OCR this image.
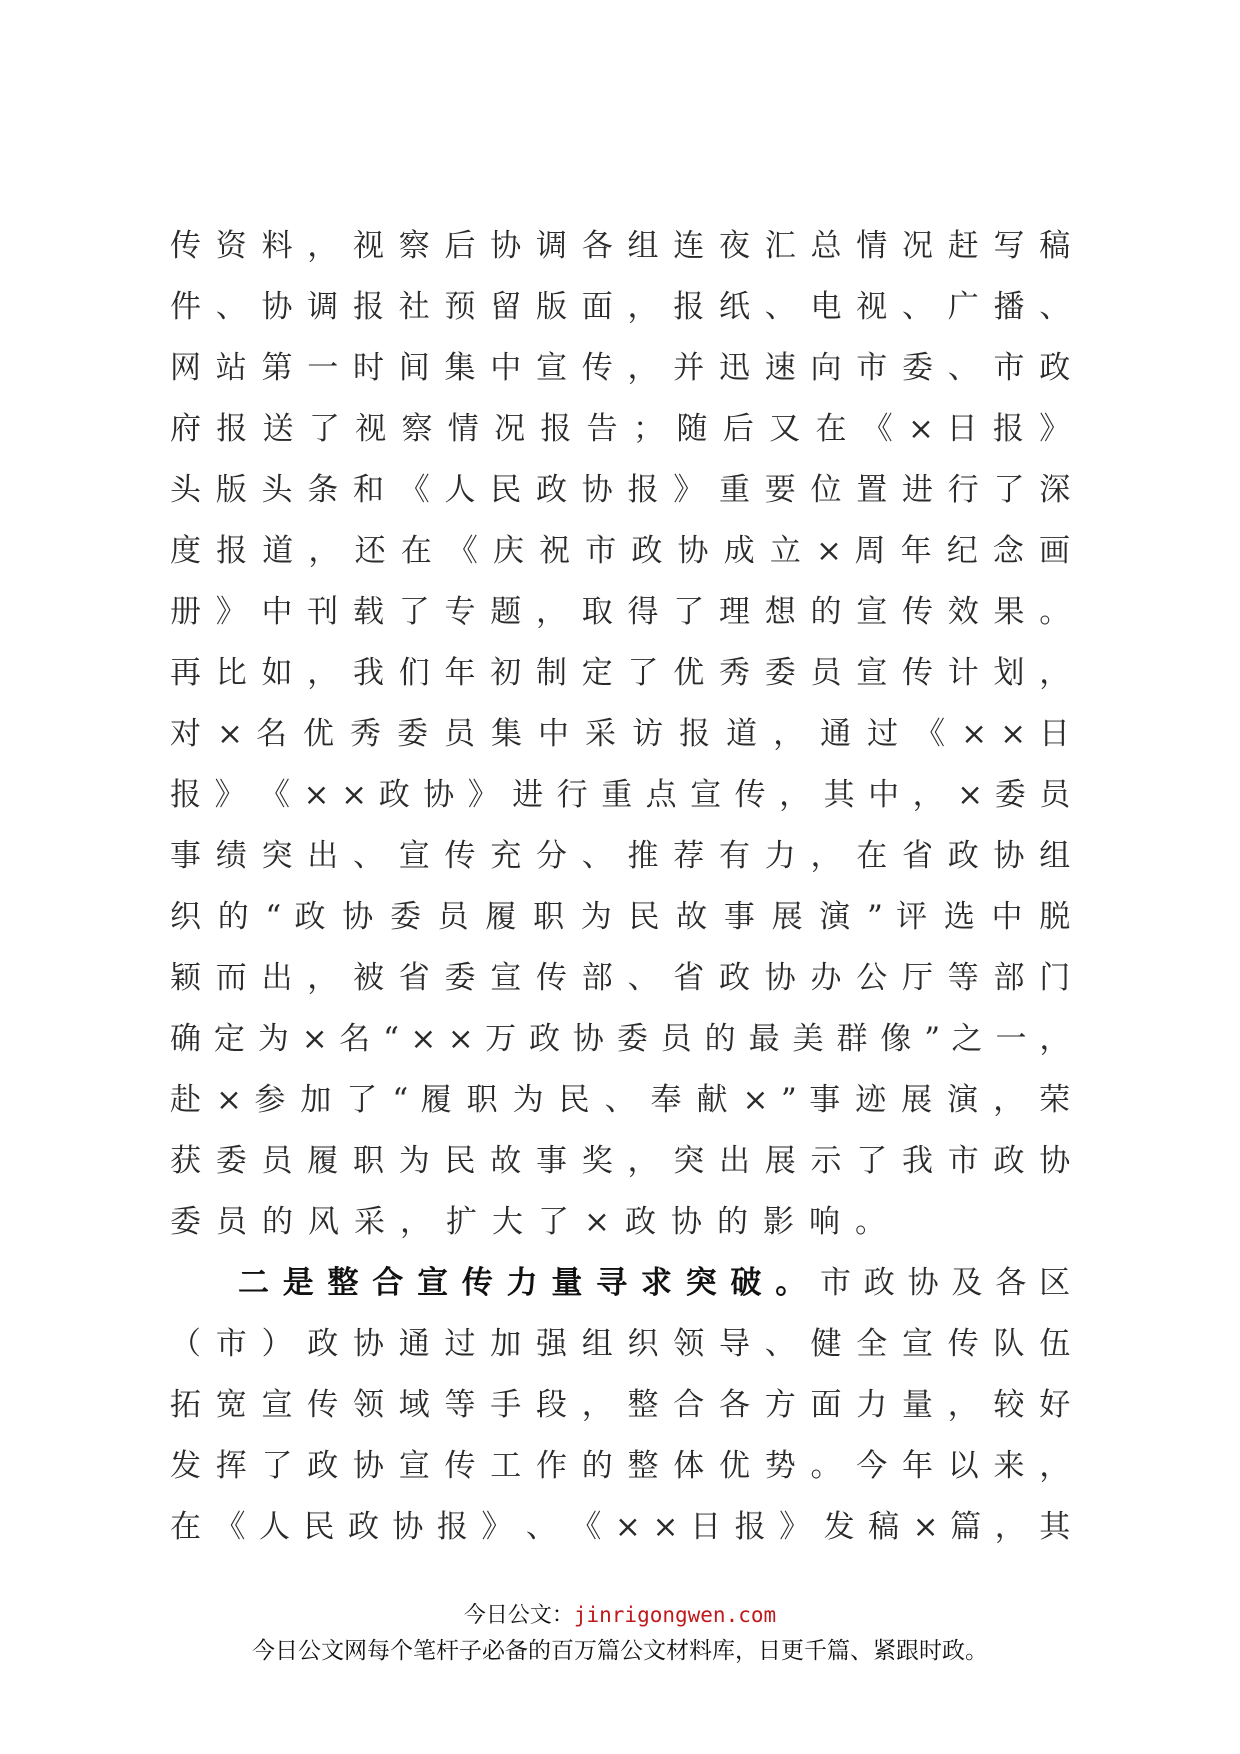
传 资 料 ， 视 察 后 协 调 各 组 连 夜 汇 总 情 况 赶 写 稿
件 、 协 调 报 社 预 留 版 面 ， 报 纸 、 电 视 、 广 播 、
网 站 第 一 时 间 集 中 宣 传 ， 并 迅 速 向 市 委 、 市 政
府 报 送 了 视 察 情 况 报 告 ； 随 后 又 在 《 × 日 报 》
头 版 头 条 和 《 人 民 政 协 报 》 重 要 位 置 进 行 了 深
度 报 道 ， 还 在 《 庆 祝 市 政 协 成 立 × 周 年 纪 念 画
册 》 中 刊 载 了 专 题 ， 取 得 了 理 想 的 宣 传 效 果 。
再 比 如 ， 我 们 年 初 制 定 了 优 秀 委 员 宣 传 计 划 ，
对 × 名 优 秀 委 员 集 中 采 访 报 道 ， 通 过 《 × × 日
报 》 《 × × 政 协 》 进 行 重 点 宣 传 ， 其 中 ， × 委 员
事 绩 突 出 、 宣 传 充 分 、 推 荐 有 力 ， 在 省 政 协 组
织 的 “ 政 协 委 员 履 职 为 民 故 事 展 演 ” 评 选 中 脱
颖 而 出 ， 被 省 委 宣 传 部 、 省 政 协 办 公 厅 等 部 门
确 定 为 × 名 “ × × 万 政 协 委 员 的 最 美 群 像 ” 之 一 ，
赴 × 参 加 了 “ 履 职 为 民 、 奉 献 × ” 事 迹 展 演 ， 荣
获 委 员 履 职 为 民 故 事 奖 ， 突 出 展 示 了 我 市 政 协
委员的风采，扩大了×政协的影响。
二 是 整 合 宣 传 力 量 寻 求 突 破 。 市 政 协 及 各 区
（ 市 ） 政 协 通 过 加 强 组 织 领 导 、 健 全 宣 传 队 伍
拓 宽 宣 传 领 域 等 手 段 ， 整 合 各 方 面 力 量 ， 较 好
发 挥 了 政 协 宣 传 工 作 的 整 体 优 势 。 今 年 以 来 ，
在 《 人 民 政 协 报 》 、 《 × × 日 报 》 发 稿 × 篇 ， 其
今日公文：jinrigongwen.com
今日公文网每个笔杆子必备的百万篇公文材料库，日更千篇、紧跟时政。
